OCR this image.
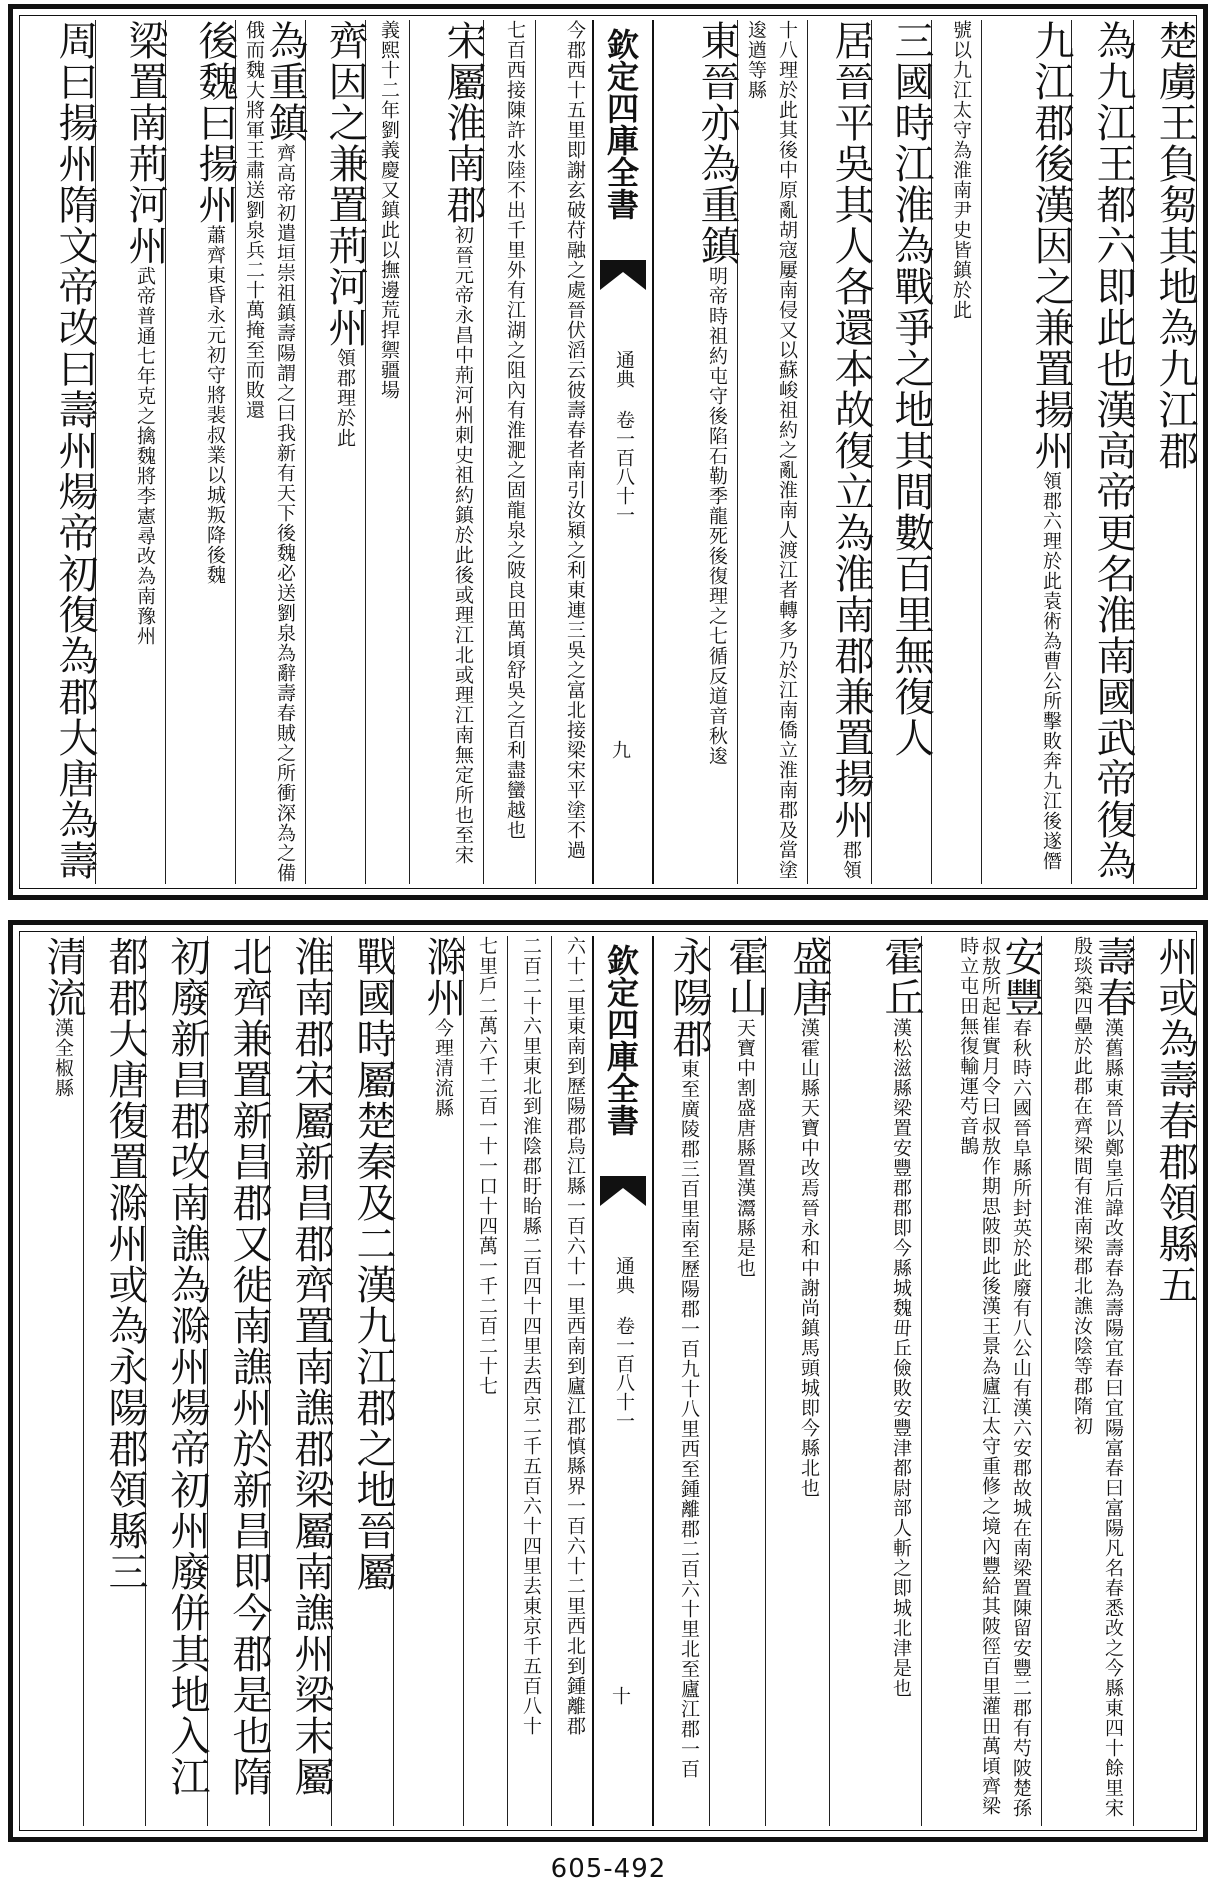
楚虜王負芻其地為九江郡
為九江王都六即此也漢高帝更名淮南國武帝復為
九江郡後漢因之兼置揚州領郡六理於此袁術為曹公所擊敗奔九江後遂僭
號以九江太守為淮南尹史皆鎮於此
三國時江淮為戰爭之地其間數百里無復人
居晉平吳其人各還本故復立為淮南郡兼置揚州郡領
十八理於此其後中原亂胡寇屢南侵又以蘇峻祖約之亂淮南人渡江者轉多乃於江南僑立淮南郡及當塗逡遒等縣
東晉亦為重鎮明帝時祖約屯守後陷石勒季龍死後復理之七循反道音秋逡
欽定四庫全書
通典 卷一百八十一
九
今郡西十五里即謝玄破苻融之處晉伏滔云彼壽春者南引汝潁之利東連三吳之富北接梁宋平塗不過
七百西接陳許水陸不出千里外有江湖之阻內有淮淝之固龍泉之陂良田萬頃舒吳之百利盡蠻越也
宋屬淮南郡初晉元帝永昌中荊河州刺史祖約鎮於此後或理江北或理江南無定所也至宋
義熙十二年劉義慶又鎮此以撫邊荒捍禦疆場
齊因之兼置荊河州領郡理於此
為重鎮齊高帝初遣垣崇祖鎮壽陽謂之曰我新有天下後魏必送劉泉為辭壽春賊之所衝深為之備俄而魏大將軍王肅送劉泉兵二十萬掩至而敗還
後魏曰揚州蕭齊東昏永元初守將裴叔業以城叛降後魏
梁置南荊河州武帝普通七年克之擒魏將李憲尋改為南豫州
周曰揚州隋文帝改曰壽州煬帝初復為郡大唐為壽
州或為壽春郡領縣五
壽春漢舊縣東晉以鄭皇后諱改壽春為壽陽宜春曰宜陽富春曰富陽凡名春悉改之今縣東四十餘里宋殷琰築四壘於此郡在齊梁間有淮南梁郡北譙汝陰等郡隋初
安豐春秋時六國晉阜縣所封英於此廢有八公山有漢六安郡故城在南梁置陳留安豐二郡有芍陂楚孫叔敖所起崔實月令曰叔敖作期思陂即此後漢王景為廬江太守重修之境內豐給其陂徑百里灌田萬頃齊梁時立屯田無復輸運芍音鵲
霍丘漢松滋縣梁置安豐郡郡即今縣城魏毌丘儉敗安豐津都尉部人斬之即城北津是也
盛唐漢霍山縣天寶中改焉晉永和中謝尚鎮馬頭城即今縣北也
霍山天寶中割盛唐縣置漢灊縣是也
永陽郡東至廣陵郡三百里南至歷陽郡一百九十八里西至鍾離郡二百六十里北至廬江郡一百
欽定四庫全書
通典 卷一百八十一
十
六十二里東南到歷陽郡烏江縣一百六十一里西南到廬江郡慎縣界一百六十二里西北到鍾離郡
二百二十六里東北到淮陰郡盱眙縣二百四十四里去西京二千五百六十四里去東京千五百八十
七里戶二萬六千二百一十一口十四萬一千二百二十七
滁州今理清流縣
戰國時屬楚秦及二漢九江郡之地晉屬
淮南郡宋屬新昌郡齊置南譙郡梁屬南譙州梁末屬
北齊兼置新昌郡又徙南譙州於新昌即今郡是也隋
初廢新昌郡改南譙為滁州煬帝初州廢併其地入江
都郡大唐復置滁州或為永陽郡領縣三
清流漢全椒縣
605-492
